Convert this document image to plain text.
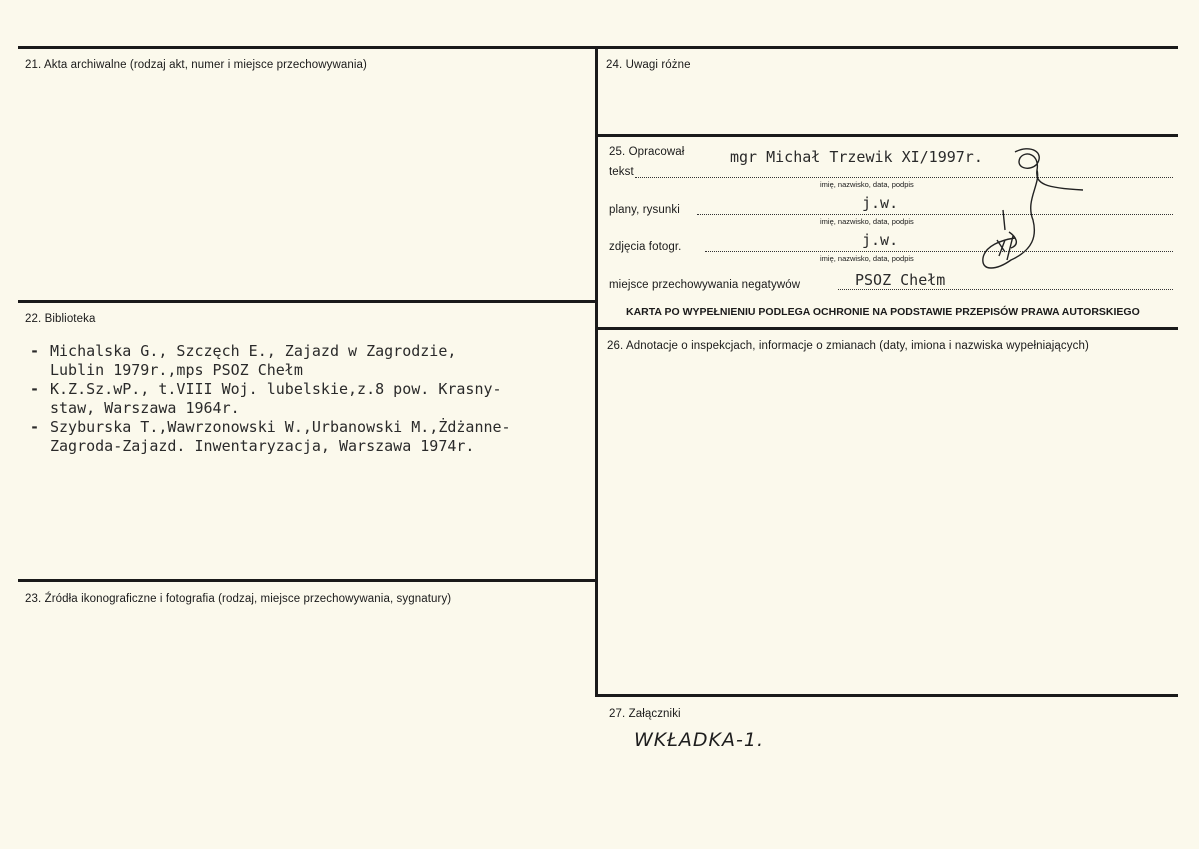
21. Akta archiwalne (rodzaj akt, numer i miejsce przechowywania)
22. Biblioteka
- Michalska G., Szczęch E., Zajazd w Zagrodzie,
Lublin 1979r.,mps PSOZ Chełm
- K.Z.Sz.wP., t.VIII Woj. lubelskie,z.8 pow. Krasny-
staw, Warszawa 1964r.
- Szyburska T.,Wawrzonowski W.,Urbanowski M.,Żdżanne-
Zagroda-Zajazd. Inwentaryzacja, Warszawa 1974r.
23. Źródła ikonograficzne i fotografia (rodzaj, miejsce przechowywania, sygnatury)
24. Uwagi różne
25. Opracował	mgr Michał Trzewik XI/1997r.
tekst
imię, nazwisko, data, podpis
j.w.
plany, rysunki
imię, nazwisko, data, podpis
j.w.
zdjęcia fotogr.
imię, nazwisko, data, podpis
PSOZ Chełm
miejsce przechowywania negatywów
KARTA PO WYPEŁNIENIU PODLEGA OCHRONIE NA PODSTAWIE PRZEPISÓW PRAWA AUTORSKIEGO
26. Adnotacje o inspekcjach, informacje o zmianach (daty, imiona i nazwiska wypełniających)
27. Załączniki
WKŁADKA-1.
